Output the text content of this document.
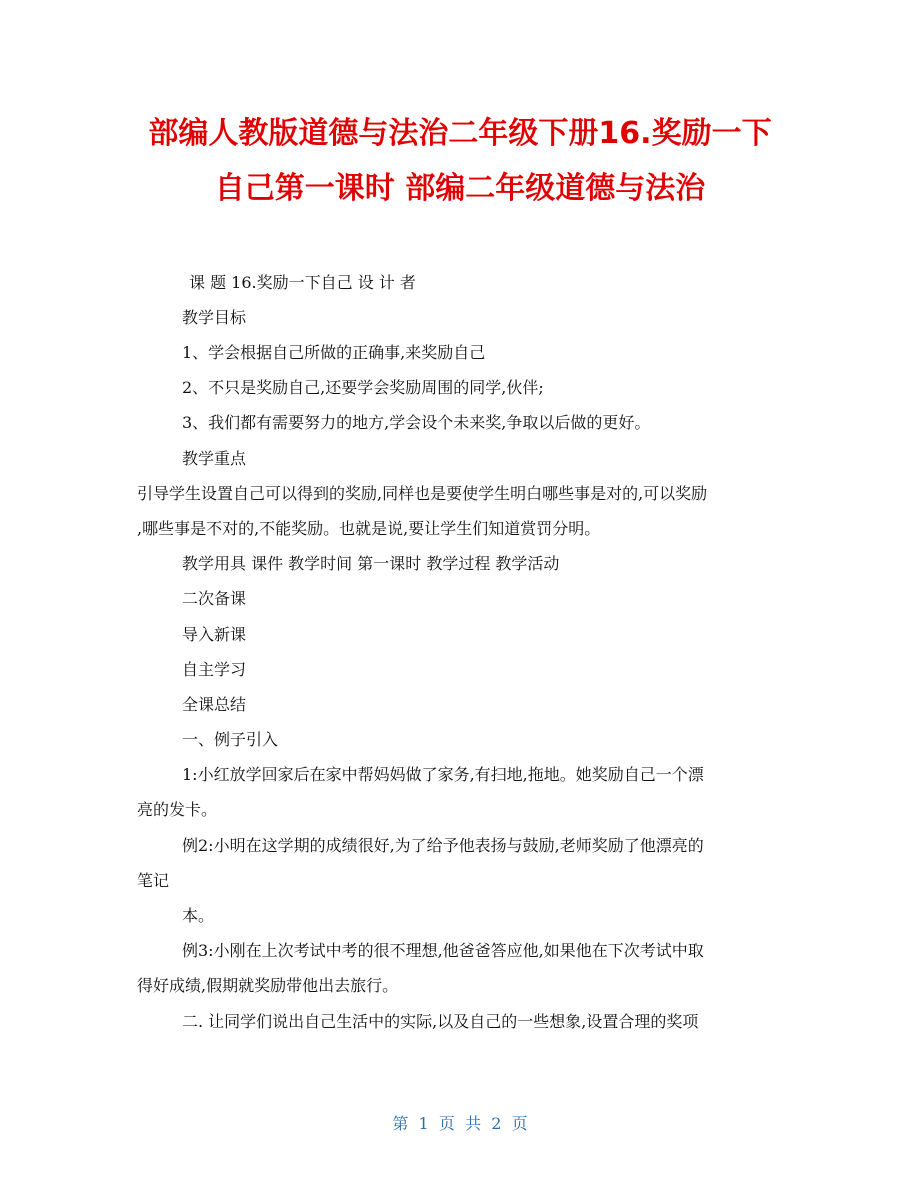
部编人教版道德与法治二年级下册16.奖励一下
自己第一课时 部编二年级道德与法治
课 题 16.奖励一下自己 设 计 者
教学目标
1、学会根据自己所做的正确事,来奖励自己
2、不只是奖励自己,还要学会奖励周围的同学,伙伴;
3、我们都有需要努力的地方,学会设个未来奖,争取以后做的更好。
教学重点
引导学生设置自己可以得到的奖励,同样也是要使学生明白哪些事是对的,可以奖励
,哪些事是不对的,不能奖励。也就是说,要让学生们知道赏罚分明。
教学用具 课件 教学时间 第一课时 教学过程 教学活动
二次备课
导入新课
自主学习
全课总结
一、例子引入
1:小红放学回家后在家中帮妈妈做了家务,有扫地,拖地。她奖励自己一个漂
亮的发卡。
例2:小明在这学期的成绩很好,为了给予他表扬与鼓励,老师奖励了他漂亮的
笔记
本。
例3:小刚在上次考试中考的很不理想,他爸爸答应他,如果他在下次考试中取
得好成绩,假期就奖励带他出去旅行。
二. 让同学们说出自己生活中的实际,以及自己的一些想象,设置合理的奖项
第  1  页  共  2  页
